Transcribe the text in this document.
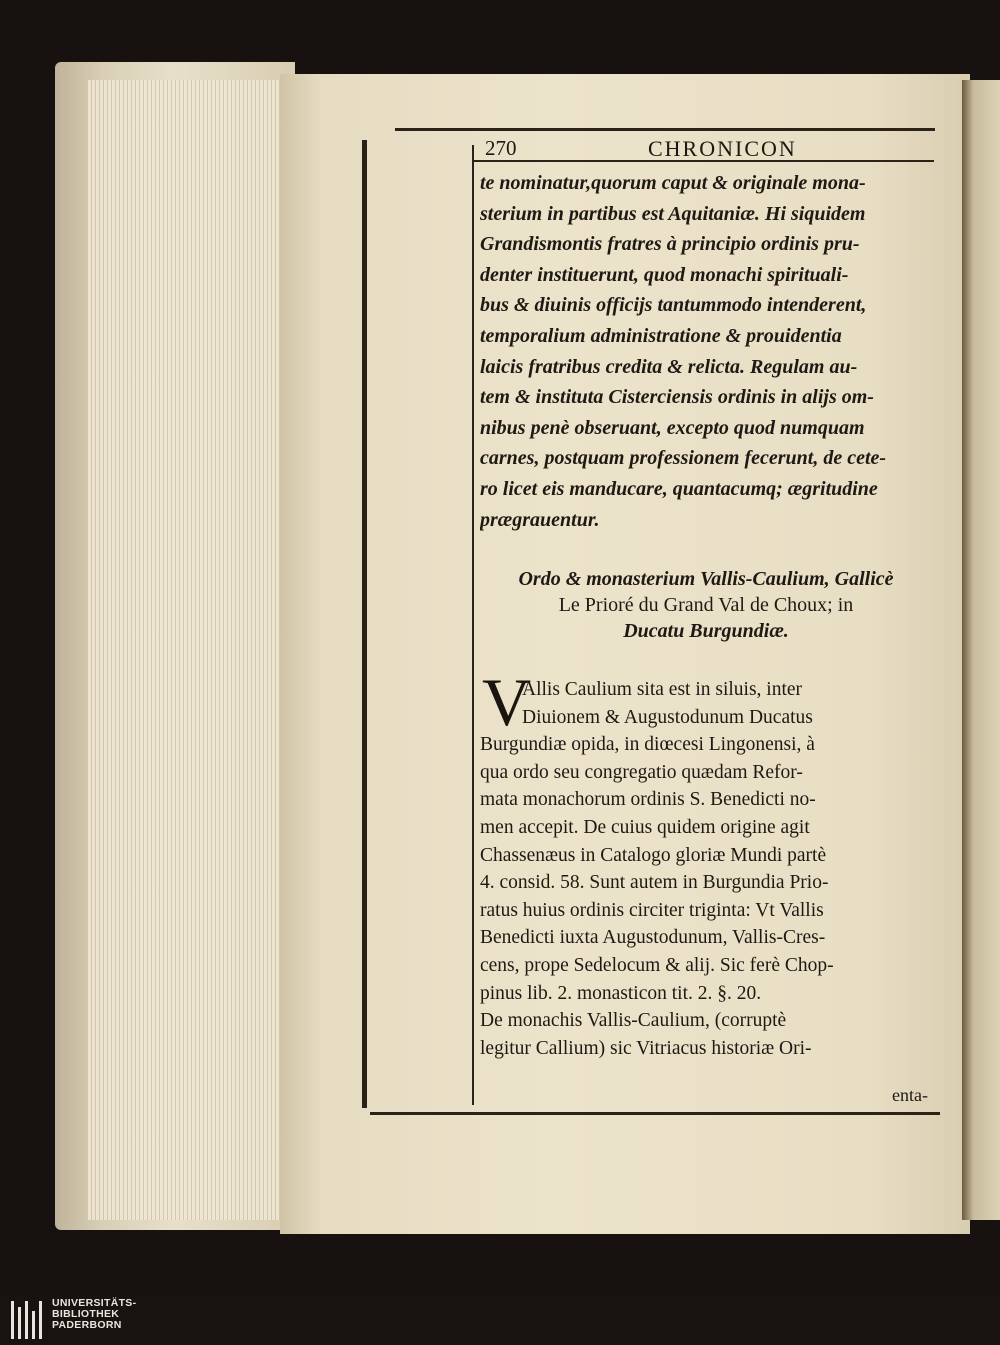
270	CHRONICON
te nominatur,quorum caput & originale mona-
sterium in partibus est Aquitaniæ. Hi siquidem
Grandismontis fratres à principio ordinis pru-
denter instituerunt, quod monachi spirituali-
bus & diuinis officijs tantummodo intenderent,
temporalium administratione & prouidentia
laicis fratribus credita & relicta. Regulam au-
tem & instituta Cisterciensis ordinis in alijs om-
nibus penè obseruant, excepto quod numquam
carnes, postquam professionem fecerunt, de cete-
ro licet eis manducare, quantacumq; ægritudine
prægrauentur.
Ordo & monasterium Vallis-Caulium, Gallicè
Le Prioré du Grand Val de Choux; in
Ducatu Burgundiæ.
V
Allis Caulium sita est in siluis, inter
Diuionem & Augustodunum Ducatus
Burgundiæ opida, in diœcesi Lingonensi, à
qua ordo seu congregatio quædam Refor-
mata monachorum ordinis S. Benedicti no-
men accepit. De cuius quidem origine agit
Chassenæus in Catalogo gloriæ Mundi partè
4. consid. 58. Sunt autem in Burgundia Prio-
ratus huius ordinis circiter triginta: Vt Vallis
Benedicti iuxta Augustodunum, Vallis-Cres-
cens, prope Sedelocum & alij. Sic ferè Chop-
pinus lib. 2. monasticon tit. 2. §. 20.
De monachis Vallis-Caulium, (corruptè
legitur Callium) sic Vitriacus historiæ Ori-
enta-
UNIVERSITÄTS-
BIBLIOTHEK
PADERBORN
